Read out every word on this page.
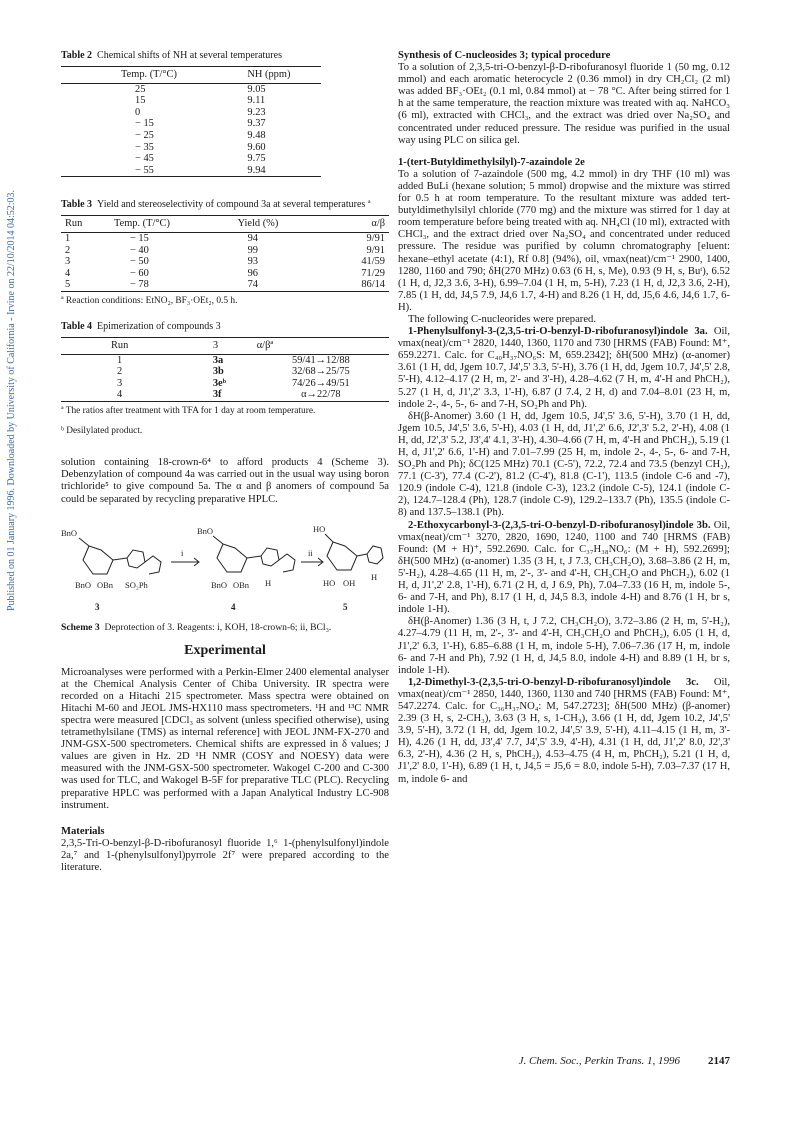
Published on 01 January 1996. Downloaded by University of California - Irvine on 22/10/2014 04:52:03.

Table 2 Chemical shifts of NH at several temperatures

Temp. (T/°C)	NH (ppm)
25	9.05
15	9.11
0	9.23
− 15	9.37
− 25	9.48
− 35	9.60
− 45	9.75
− 55	9.94

Table 3 Yield and stereoselectivity of compound 3a at several temperatures ª

Run	Temp. (T/°C)	Yield (%)	α/β
1	− 15	94	9/91
2	− 40	99	9/91
3	− 50	93	41/59
4	− 60	96	71/29
5	− 78	74	86/14

ª Reaction conditions: EtNO₂, BF₃·OEt₂, 0.5 h.

Table 4 Epimerization of compounds 3

Run	3	α/βª
1	3a	59/41→12/88
2	3b	32/68→25/75
3	3eᵇ	74/26→49/51
4	3f	α→22/78

ª The ratios after treatment with TFA for 1 day at room temperature.

ᵇ Desilylated product.

solution containing 18-crown-6⁴ to afford products 4 (Scheme 3). Debenzylation of compound 4a was carried out in the usual way using boron trichloride⁵ to give compound 5a. The α and β anomers of compound 5a could be separated by recycling preparative HPLC.

BnO
BnO OBn SO₂Ph
i
BnO
BnO OBn H
ii
HO
HO OH
H
3	4	5

Scheme 3 Deprotection of 3. Reagents: i, KOH, 18-crown-6; ii, BCl₃.

Experimental

Microanalyses were performed with a Perkin-Elmer 2400 elemental analyser at the Chemical Analysis Center of Chiba University. IR spectra were recorded on a Hitachi 215 spectrometer. Mass spectra were obtained on Hitachi M-60 and JEOL JMS-HX110 mass spectrometers. ¹H and ¹³C NMR spectra were measured [CDCl₃ as solvent (unless specified otherwise), using tetramethylsilane (TMS) as internal reference] with JEOL JNM-FX-270 and JNM-GSX-500 spectrometers. Chemical shifts are expressed in δ values; J values are given in Hz. 2D ¹H NMR (COSY and NOESY) data were measured with the JNM-GSX-500 spectrometer. Wakogel C-200 and C-300 was used for TLC, and Wakogel B-5F for preparative TLC (PLC). Recycling preparative HPLC was performed with a Japan Analytical Industry LC-908 instrument.

Materials

2,3,5-Tri-O-benzyl-β-D-ribofuranosyl fluoride 1,⁶ 1-(phenylsulfonyl)indole 2a,⁷ and 1-(phenylsulfonyl)pyrrole 2f⁷ were prepared according to the literature.

Synthesis of C-nucleosides 3; typical procedure

To a solution of 2,3,5-tri-O-benzyl-β-D-ribofuranosyl fluoride 1 (50 mg, 0.12 mmol) and each aromatic heterocycle 2 (0.36 mmol) in dry CH₂Cl₂ (2 ml) was added BF₃·OEt₂ (0.1 ml, 0.84 mmol) at − 78 °C. After being stirred for 1 h at the same temperature, the reaction mixture was treated with aq. NaHCO₃ (6 ml), extracted with CHCl₃, and the extract was dried over Na₂SO₄ and concentrated under reduced pressure. The residue was purified in the usual way using PLC on silica gel.

1-(tert-Butyldimethylsilyl)-7-azaindole 2e

To a solution of 7-azaindole (500 mg, 4.2 mmol) in dry THF (10 ml) was added BuLi (hexane solution; 5 mmol) dropwise and the mixture was stirred for 0.5 h at room temperature. To the resultant mixture was added tert-butyldimethylsilyl chloride (770 mg) and the mixture was stirred for 1 day at room temperature before being treated with aq. NH₄Cl (10 ml), extracted with CHCl₃, and the extract dried over Na₂SO₄ and concentrated under reduced pressure. The residue was purified by column chromatography [eluent: hexane–ethyl acetate (4:1), Rf 0.8] (94%), oil, νmax(neat)/cm⁻¹ 2900, 1400, 1280, 1160 and 790; δH(270 MHz) 0.63 (6 H, s, Me), 0.93 (9 H, s, Buᵗ), 6.52 (1 H, d, J2,3 3.6, 3-H), 6.99–7.04 (1 H, m, 5-H), 7.23 (1 H, d, J2,3 3.6, 2-H), 7.85 (1 H, dd, J4,5 7.9, J4,6 1.7, 4-H) and 8.26 (1 H, dd, J5,6 4.6, J4,6 1.7, 6-H).

The following C-nucleorides were prepared.

1-Phenylsulfonyl-3-(2,3,5-tri-O-benzyl-D-ribofuranosyl)indole 3a. Oil, νmax(neat)/cm⁻¹ 2820, 1440, 1360, 1170 and 730 [HRMS (FAB) Found: M⁺, 659.2271. Calc. for C₄₀H₃₇NO₆S: M, 659.2342]; δH(500 MHz) (α-anomer) 3.61 (1 H, dd, Jgem 10.7, J4',5' 3.3, 5'-H), 3.76 (1 H, dd, Jgem 10.7, J4',5' 2.8, 5'-H), 4.12–4.17 (2 H, m, 2'- and 3'-H), 4.28–4.62 (7 H, m, 4'-H and PhCH₂), 5.27 (1 H, d, J1',2' 3.3, 1'-H), 6.87 (J 7.4, 2 H, d) and 7.04–8.01 (23 H, m, indole 2-, 4-, 5-, 6- and 7-H, SO₂Ph and Ph).

δH(β-Anomer) 3.60 (1 H, dd, Jgem 10.5, J4',5' 3.6, 5'-H), 3.70 (1 H, dd, Jgem 10.5, J4',5' 3.6, 5'-H), 4.03 (1 H, dd, J1',2' 6.6, J2',3' 5.2, 2'-H), 4.08 (1 H, dd, J2',3' 5.2, J3',4' 4.1, 3'-H), 4.30–4.66 (7 H, m, 4'-H and PhCH₂), 5.19 (1 H, d, J1',2' 6.6, 1'-H) and 7.01–7.99 (25 H, m, indole 2-, 4-, 5-, 6- and 7-H, SO₂Ph and Ph); δC(125 MHz) 70.1 (C-5'), 72.2, 72.4 and 73.5 (benzyl CH₂), 77.1 (C-3'), 77.4 (C-2'), 81.2 (C-4'), 81.8 (C-1'), 113.5 (indole C-6 and -7), 120.9 (indole C-4), 121.8 (indole C-3), 123.2 (indole C-5), 124.1 (indole C-2), 124.7–128.4 (Ph), 128.7 (indole C-9), 129.2–133.7 (Ph), 135.5 (indole C-8) and 137.5–138.1 (Ph).

2-Ethoxycarbonyl-3-(2,3,5-tri-O-benzyl-D-ribofuranosyl)indole 3b. Oil, νmax(neat)/cm⁻¹ 3270, 2820, 1690, 1240, 1100 and 740 [HRMS (FAB) Found: (M + H)⁺, 592.2690. Calc. for C₃₇H₃₈NO₆: (M + H), 592.2699]; δH(500 MHz) (α-anomer) 1.35 (3 H, t, J 7.3, CH₃CH₂O), 3.68–3.86 (2 H, m, 5'-H₂), 4.28–4.65 (11 H, m, 2'-, 3'- and 4'-H, CH₃CH₂O and PhCH₂), 6.02 (1 H, d, J1',2' 2.8, 1'-H), 6.71 (2 H, d, J 6.9, Ph), 7.04–7.33 (16 H, m, indole 5-, 6- and 7-H, and Ph), 8.17 (1 H, d, J4,5 8.3, indole 4-H) and 8.76 (1 H, br s, indole 1-H).

δH(β-Anomer) 1.36 (3 H, t, J 7.2, CH₃CH₂O), 3.72–3.86 (2 H, m, 5'-H₂), 4.27–4.79 (11 H, m, 2'-, 3'- and 4'-H, CH₃CH₂O and PhCH₂), 6.05 (1 H, d, J1',2' 6.3, 1'-H), 6.85–6.88 (1 H, m, indole 5-H), 7.06–7.36 (17 H, m, indole 6- and 7-H and Ph), 7.92 (1 H, d, J4,5 8.0, indole 4-H) and 8.89 (1 H, br s, indole 1-H).

1,2-Dimethyl-3-(2,3,5-tri-O-benzyl-D-ribofuranosyl)indole 3c. Oil, νmax(neat)/cm⁻¹ 2850, 1440, 1360, 1130 and 740 [HRMS (FAB) Found: M⁺, 547.2274. Calc. for C₃₆H₃₇NO₄: M, 547.2723]; δH(500 MHz) (β-anomer) 2.39 (3 H, s, 2-CH₃), 3.63 (3 H, s, 1-CH₃), 3.66 (1 H, dd, Jgem 10.2, J4',5' 3.9, 5'-H), 3.72 (1 H, dd, Jgem 10.2, J4',5' 3.9, 5'-H), 4.11–4.15 (1 H, m, 3'-H), 4.26 (1 H, dd, J3',4' 7.7, J4',5' 3.9, 4'-H), 4.31 (1 H, dd, J1',2' 8.0, J2',3' 6.3, 2'-H), 4.36 (2 H, s, PhCH₂), 4.53–4.75 (4 H, m, PhCH₂), 5.21 (1 H, d, J1',2' 8.0, 1'-H), 6.89 (1 H, t, J4,5 = J5,6 = 8.0, indole 5-H), 7.03–7.37 (17 H, m, indole 6- and

J. Chem. Soc., Perkin Trans. 1, 1996	2147
